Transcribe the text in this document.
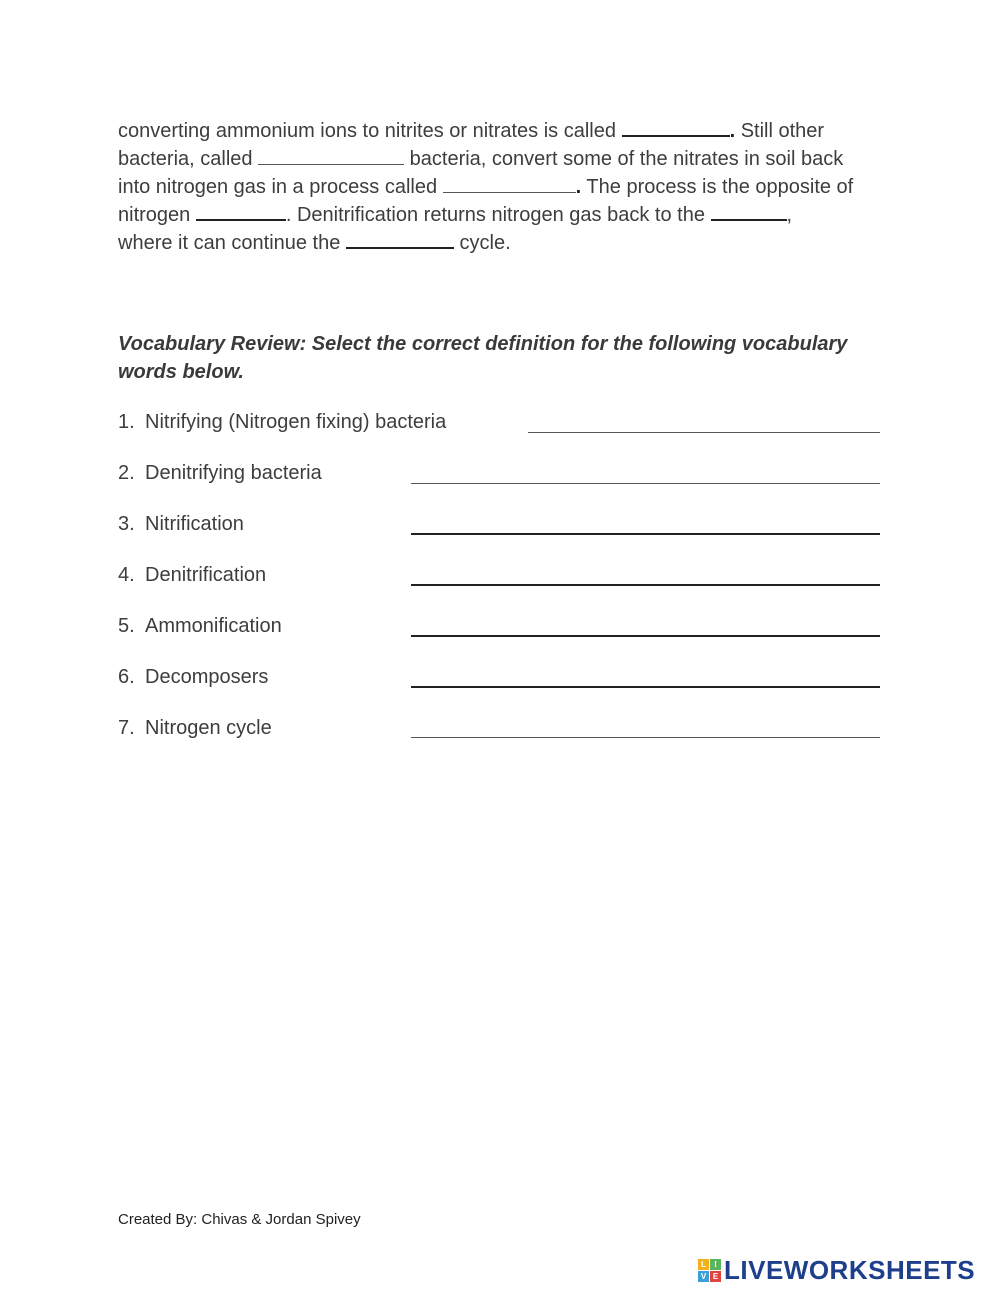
converting ammonium ions to nitrites or nitrates is called	. Still other
bacteria, called	bacteria, convert some of the nitrates in soil back
into nitrogen gas in a process called	. The process is the opposite of
nitrogen	. Denitrification returns nitrogen gas back to the	,
where it can continue the	cycle.
Vocabulary Review: Select the correct definition for the following vocabulary words below.
1. Nitrifying (Nitrogen fixing) bacteria
2. Denitrifying bacteria
3. Nitrification
4. Denitrification
5. Ammonification
6. Decomposers
7. Nitrogen cycle
Created By: Chivas & Jordan Spivey
L	I
V E LIVEWORKSHEETS
